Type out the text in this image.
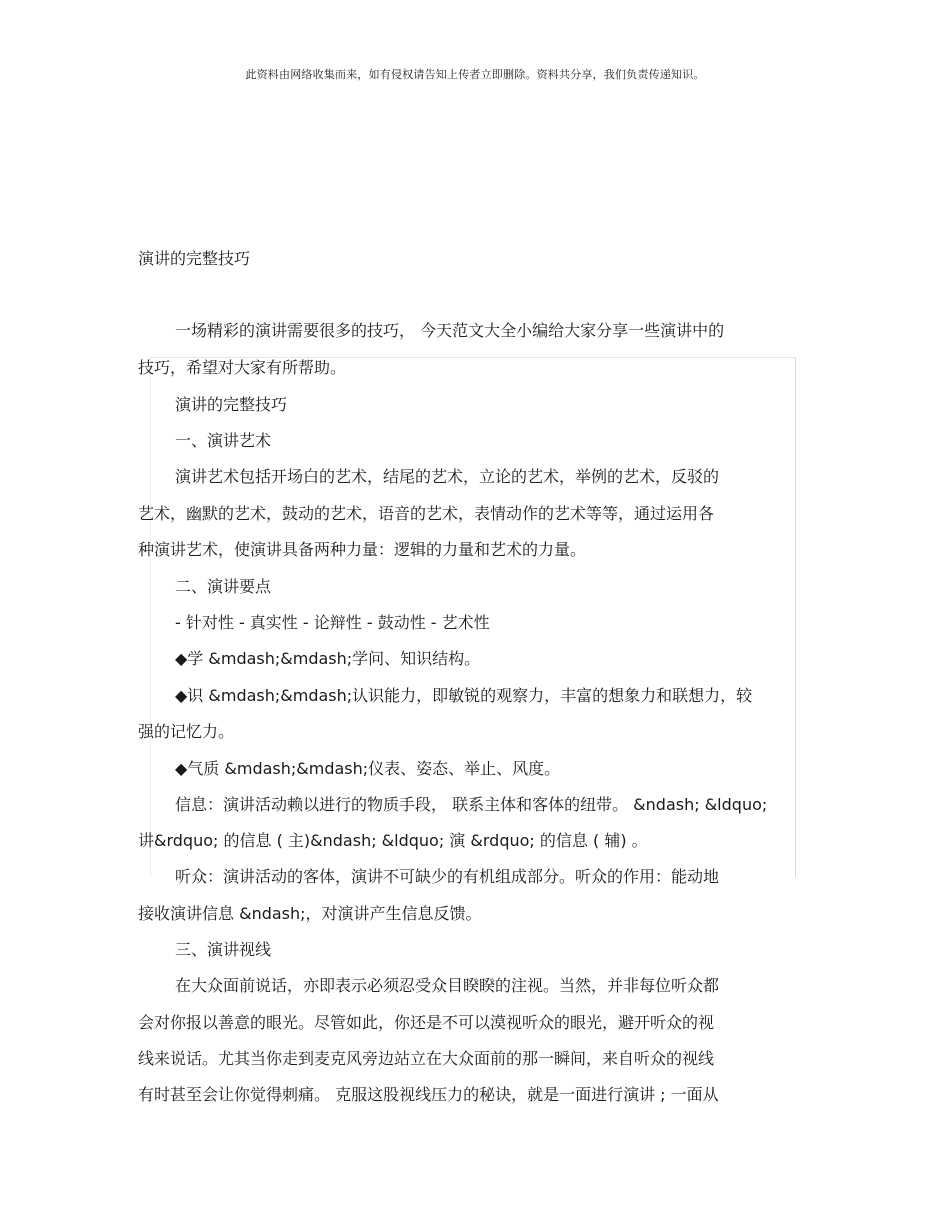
此资料由网络收集而来，如有侵权请告知上传者立即删除。资料共分享，我们负责传递知识。
演讲的完整技巧
一场精彩的演讲需要很多的技巧， 今天范文大全小编给大家分享一些演讲中的
技巧，希望对大家有所帮助。
演讲的完整技巧
一、演讲艺术
演讲艺术包括开场白的艺术，结尾的艺术，立论的艺术，举例的艺术，反驳的
艺术，幽默的艺术，鼓动的艺术，语音的艺术，表情动作的艺术等等，通过运用各
种演讲艺术，使演讲具备两种力量：逻辑的力量和艺术的力量。
二、演讲要点
- 针对性 - 真实性 - 论辩性 - 鼓动性 - 艺术性
◆学 &mdash;&mdash;学问、知识结构。
◆识 &mdash;&mdash;认识能力，即敏锐的观察力，丰富的想象力和联想力，较
强的记忆力。
◆气质 &mdash;&mdash;仪表、姿态、举止、风度。
信息：演讲活动赖以进行的物质手段， 联系主体和客体的纽带。 &ndash; &ldquo;
讲&rdquo; 的信息 ( 主)&ndash; &ldquo; 演 &rdquo; 的信息 ( 辅) 。
听众：演讲活动的客体，演讲不可缺少的有机组成部分。听众的作用：能动地
接收演讲信息 &ndash;，对演讲产生信息反馈。
三、演讲视线
在大众面前说话，亦即表示必须忍受众目睽睽的注视。当然，并非每位听众都
会对你报以善意的眼光。尽管如此，你还是不可以漠视听众的眼光，避开听众的视
线来说话。尤其当你走到麦克风旁边站立在大众面前的那一瞬间，来自听众的视线
有时甚至会让你觉得刺痛。 克服这股视线压力的秘诀，就是一面进行演讲 ; 一面从
